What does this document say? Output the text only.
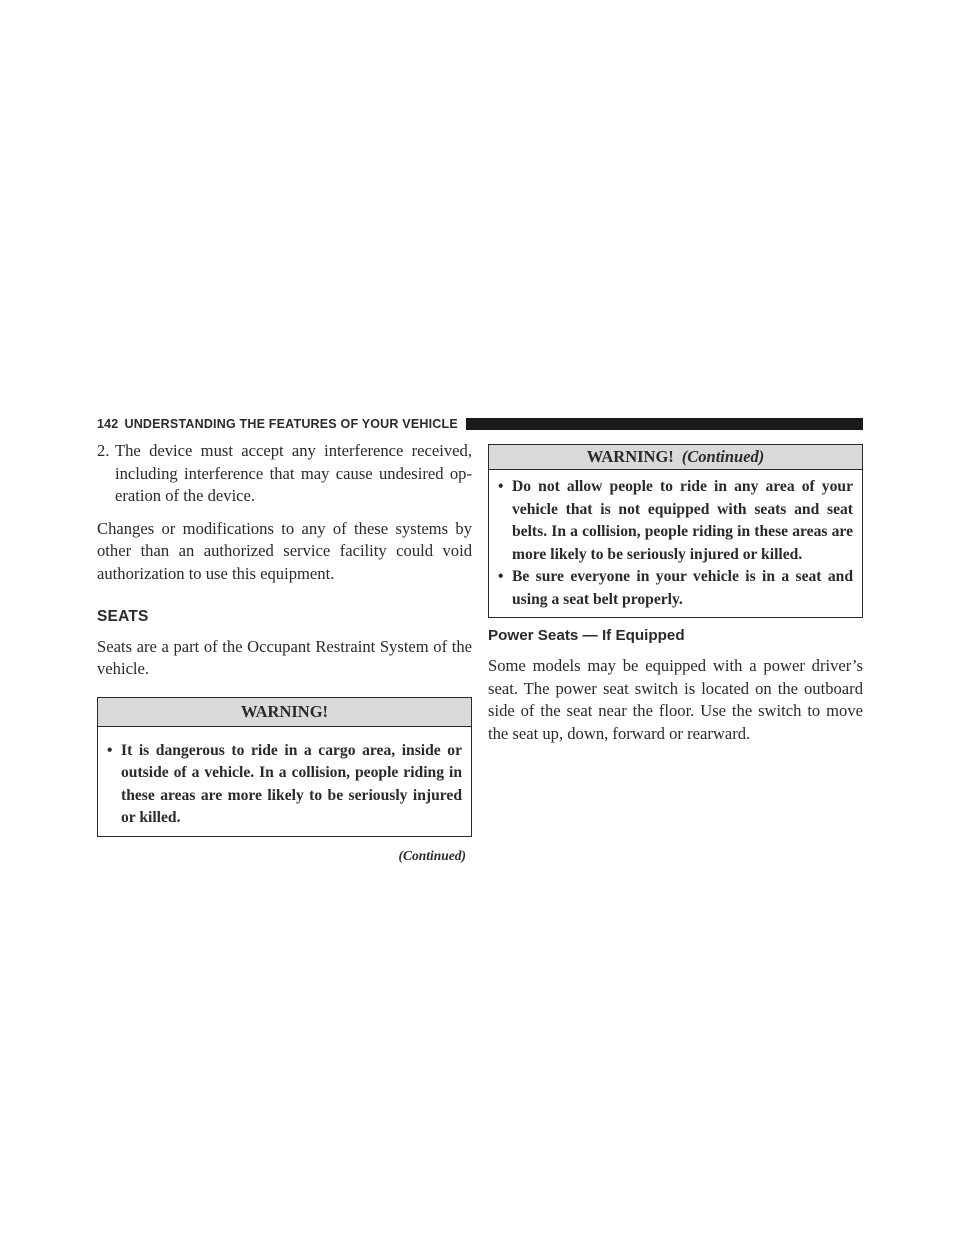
142 UNDERSTANDING THE FEATURES OF YOUR VEHICLE
2. The device must accept any interference received, including interference that may cause undesired op- eration of the device.

Changes or modifications to any of these systems by other than an authorized service facility could void authorization to use this equipment.

SEATS

Seats are a part of the Occupant Restraint System of the vehicle.

WARNING!
• It is dangerous to ride in a cargo area, inside or outside of a vehicle. In a collision, people riding in these areas are more likely to be seriously injured or killed.
(Continued)
WARNING! (Continued)
• Do not allow people to ride in any area of your vehicle that is not equipped with seats and seat belts. In a collision, people riding in these areas are more likely to be seriously injured or killed.
• Be sure everyone in your vehicle is in a seat and using a seat belt properly.
Power Seats — If Equipped

Some models may be equipped with a power driver’s seat. The power seat switch is located on the outboard side of the seat near the floor. Use the switch to move the seat up, down, forward or rearward.
